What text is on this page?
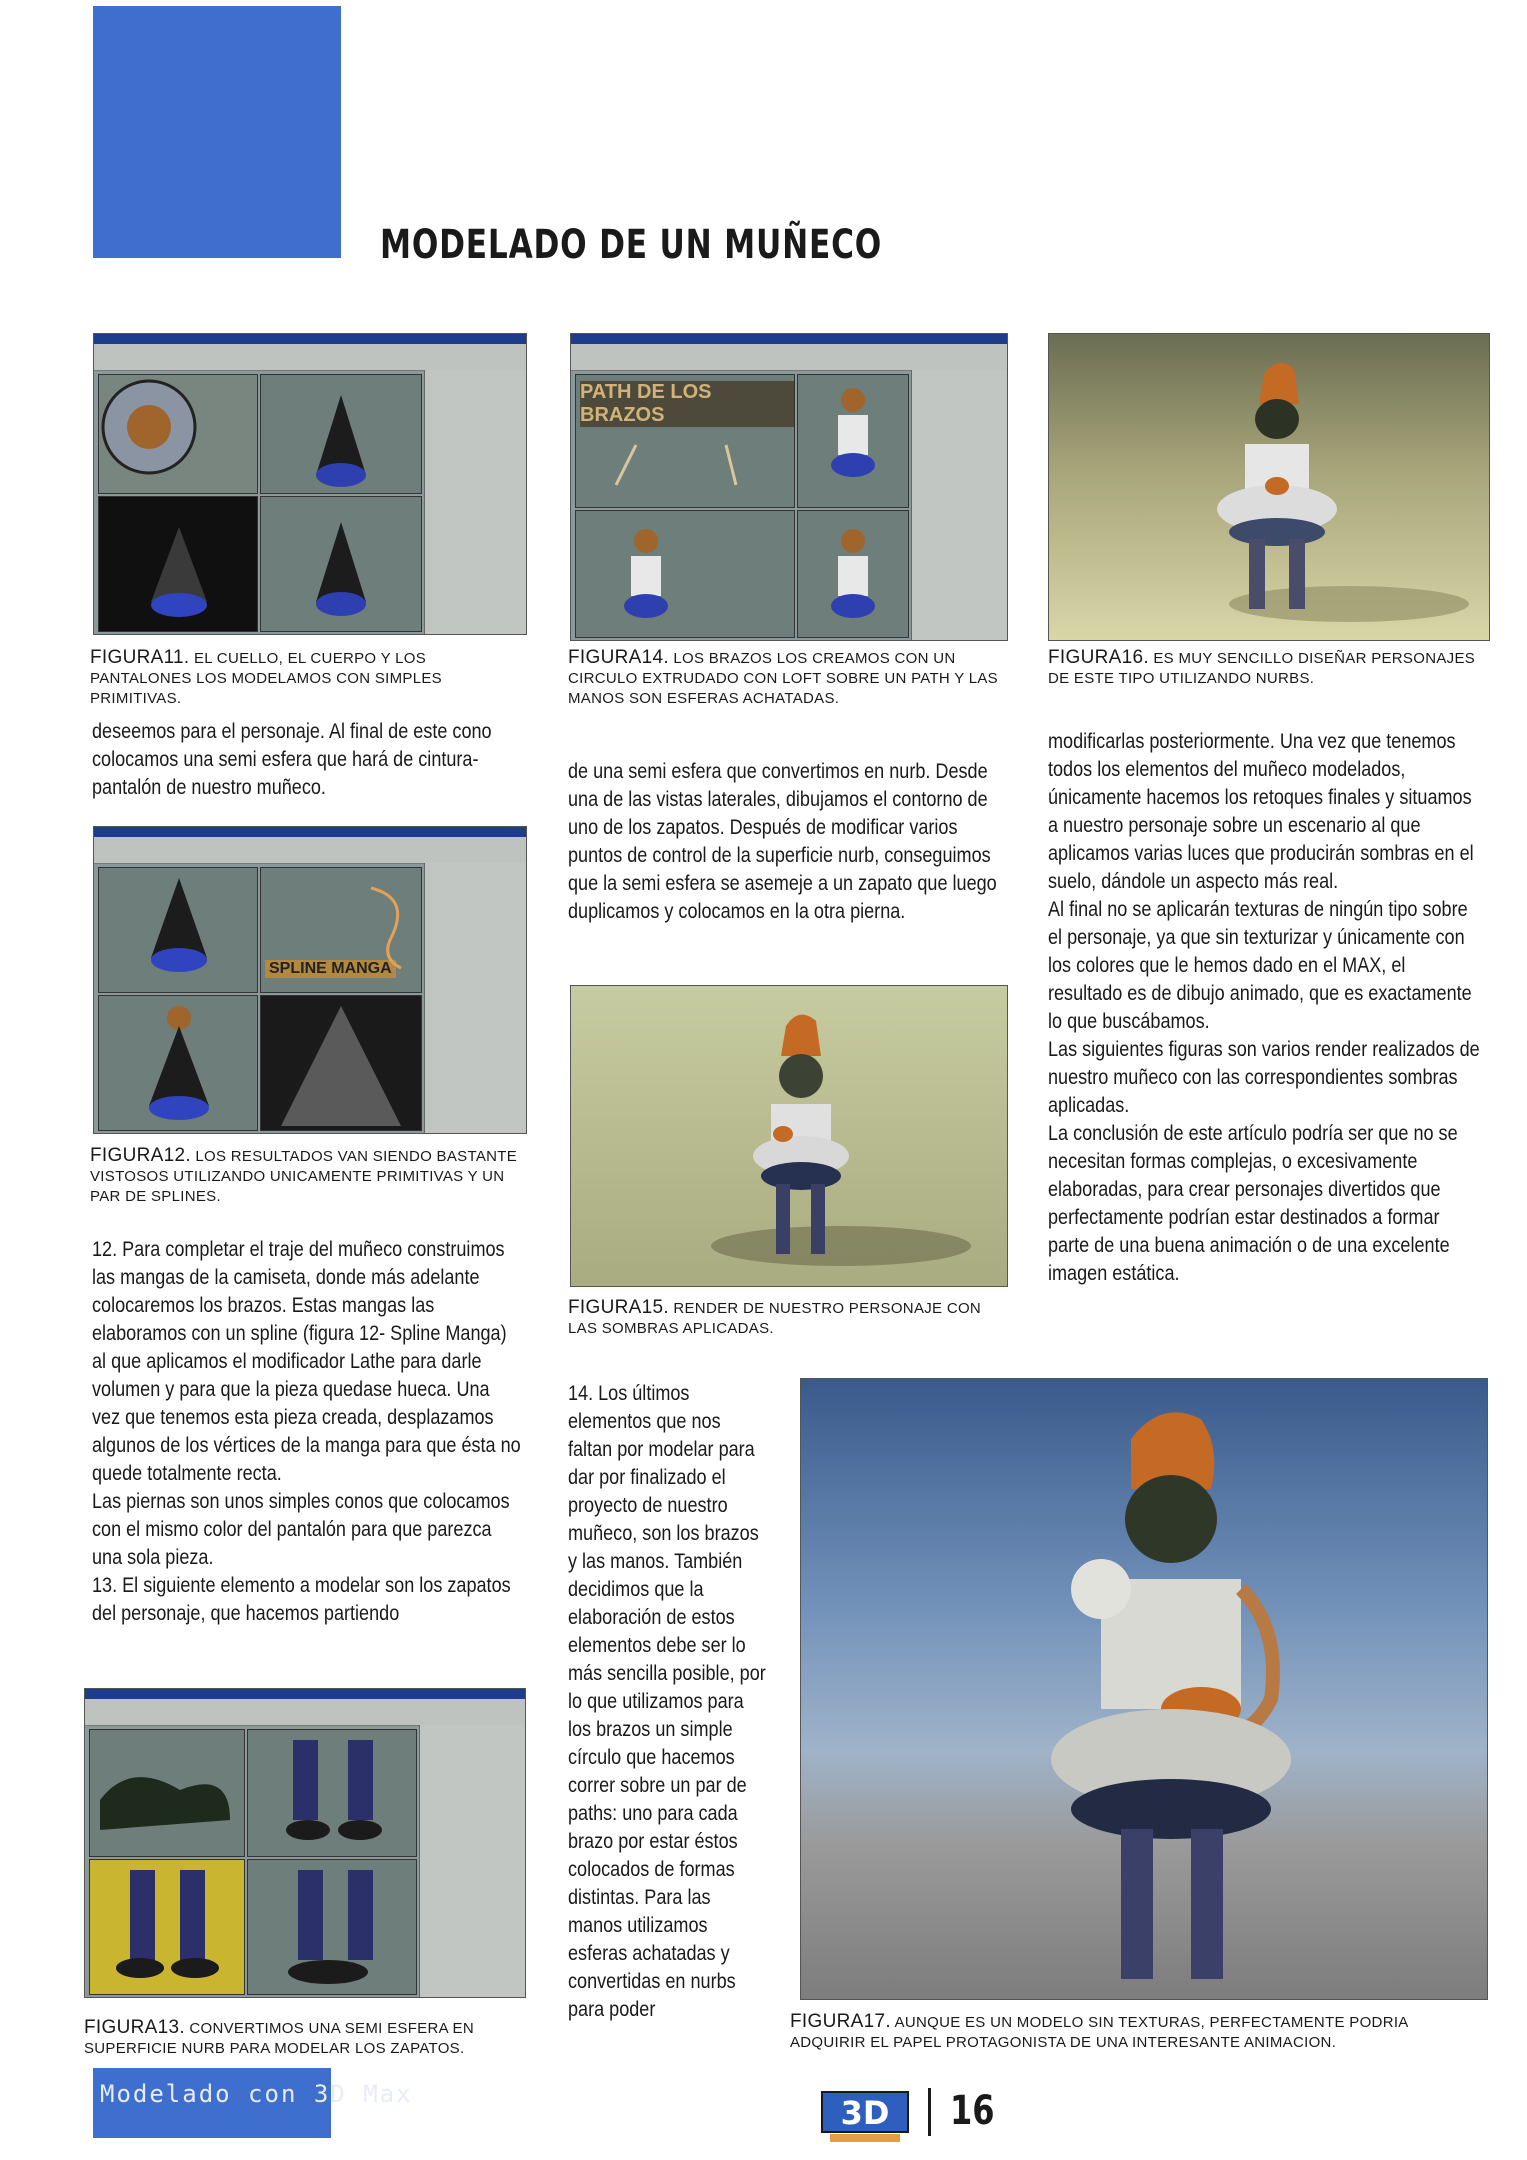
MODELADO DE UN MUÑECO
FIGURA11. EL CUELLO, EL CUERPO Y LOS PANTALONES LOS MODELAMOS CON SIMPLES PRIMITIVAS.
PATH DE LOS BRAZOS
FIGURA14. LOS BRAZOS LOS CREAMOS CON UN CIRCULO EXTRUDADO CON LOFT SOBRE UN PATH Y LAS MANOS SON ESFERAS ACHATADAS.
FIGURA16. ES MUY SENCILLO DISEÑAR PERSONAJES DE ESTE TIPO UTILIZANDO NURBS.

deseemos para el personaje. Al final de este cono colocamos una semi esfera que hará de cintura-pantalón de nuestro muñeco.

SPLINE MANGA
FIGURA12. LOS RESULTADOS VAN SIENDO BASTANTE VISTOSOS UTILIZANDO UNICAMENTE PRIMITIVAS Y UN PAR DE SPLINES.

12. Para completar el traje del muñeco construimos las mangas de la camiseta, donde más adelante colocaremos los brazos. Estas mangas las elaboramos con un spline (figura 12- Spline Manga) al que aplicamos el modificador Lathe para darle volumen y para que la pieza quedase hueca. Una vez que tenemos esta pieza creada, desplazamos algunos de los vértices de la manga para que ésta no quede totalmente recta.

Las piernas son unos simples conos que colocamos con el mismo color del pantalón para que parezca una sola pieza.

13. El siguiente elemento a modelar son los zapatos del personaje, que hacemos partiendo

FIGURA13. CONVERTIMOS UNA SEMI ESFERA EN SUPERFICIE NURB PARA MODELAR LOS ZAPATOS.

de una semi esfera que convertimos en nurb. Desde una de las vistas laterales, dibujamos el contorno de uno de los zapatos. Después de modificar varios puntos de control de la superficie nurb, conseguimos que la semi esfera se asemeje a un zapato que luego duplicamos y colocamos en la otra pierna.

FIGURA15. RENDER DE NUESTRO PERSONAJE CON LAS SOMBRAS APLICADAS.

14. Los últimos elementos que nos faltan por modelar para dar por finalizado el proyecto de nuestro muñeco, son los brazos y las manos. También decidimos que la elaboración de estos elementos debe ser lo más sencilla posible, por lo que utilizamos para los brazos un simple círculo que hacemos correr sobre un par de paths: uno para cada brazo por estar éstos colocados de formas distintas. Para las manos utilizamos esferas achatadas y convertidas en nurbs para poder

modificarlas posteriormente. Una vez que tenemos todos los elementos del muñeco modelados, únicamente hacemos los retoques finales y situamos a nuestro personaje sobre un escenario al que aplicamos varias luces que producirán sombras en el suelo, dándole un aspecto más real.

Al final no se aplicarán texturas de ningún tipo sobre el personaje, ya que sin texturizar y únicamente con los colores que le hemos dado en el MAX, el resultado es de dibujo animado, que es exactamente lo que buscábamos.

Las siguientes figuras son varios render realizados de nuestro muñeco con las correspondientes sombras aplicadas.

La conclusión de este artículo podría ser que no se necesitan formas complejas, o excesivamente elaboradas, para crear personajes divertidos que perfectamente podrían estar destinados a formar parte de una buena animación o de una excelente imagen estática.

FIGURA17. AUNQUE ES UN MODELO SIN TEXTURAS, PERFECTAMENTE PODRIA ADQUIRIR EL PAPEL PROTAGONISTA DE UNA INTERESANTE ANIMACION.
Modelado con 3D Max	3D 16
